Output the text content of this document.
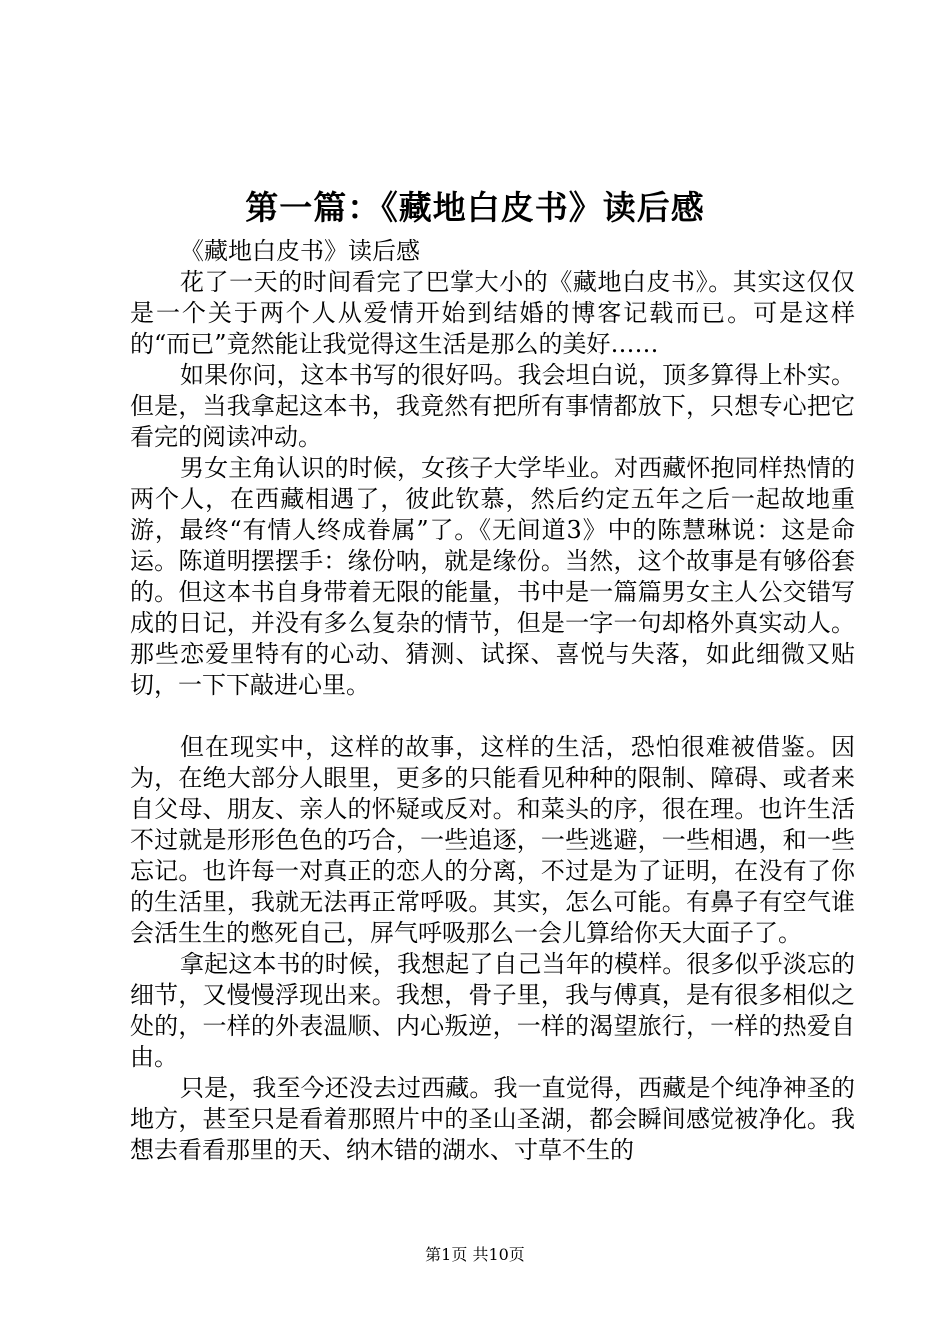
第一篇：《藏地白皮书》读后感

《藏地白皮书》读后感

花了一天的时间看完了巴掌大小的《藏地白皮书》。其实这仅仅是一个关于两个人从爱情开始到结婚的博客记载而已。可是这样的“而已”竟然能让我觉得这生活是那么的美好……

如果你问，这本书写的很好吗。我会坦白说，顶多算得上朴实。但是，当我拿起这本书，我竟然有把所有事情都放下，只想专心把它看完的阅读冲动。

男女主角认识的时候，女孩子大学毕业。对西藏怀抱同样热情的两个人，在西藏相遇了，彼此钦慕，然后约定五年之后一起故地重游，最终“有情人终成眷属”了。《无间道3》中的陈慧琳说：这是命运。陈道明摆摆手：缘份呐，就是缘份。当然，这个故事是有够俗套的。但这本书自身带着无限的能量，书中是一篇篇男女主人公交错写成的日记，并没有多么复杂的情节，但是一字一句却格外真实动人。那些恋爱里特有的心动、猜测、试探、喜悦与失落，如此细微又贴切，一下下敲进心里。

但在现实中，这样的故事，这样的生活，恐怕很难被借鉴。因为，在绝大部分人眼里，更多的只能看见种种的限制、障碍、或者来自父母、朋友、亲人的怀疑或反对。和菜头的序，很在理。也许生活不过就是形形色色的巧合，一些追逐，一些逃避，一些相遇，和一些忘记。也许每一对真正的恋人的分离，不过是为了证明，在没有了你的生活里，我就无法再正常呼吸。其实，怎么可能。有鼻子有空气谁会活生生的憋死自己，屏气呼吸那么一会儿算给你天大面子了。

拿起这本书的时候，我想起了自己当年的模样。很多似乎淡忘的细节，又慢慢浮现出来。我想，骨子里，我与傅真，是有很多相似之处的，一样的外表温顺、内心叛逆，一样的渴望旅行，一样的热爱自由。

只是，我至今还没去过西藏。我一直觉得，西藏是个纯净神圣的地方，甚至只是看着那照片中的圣山圣湖，都会瞬间感觉被净化。我想去看看那里的天、纳木错的湖水、寸草不生的

第1页 共10页
